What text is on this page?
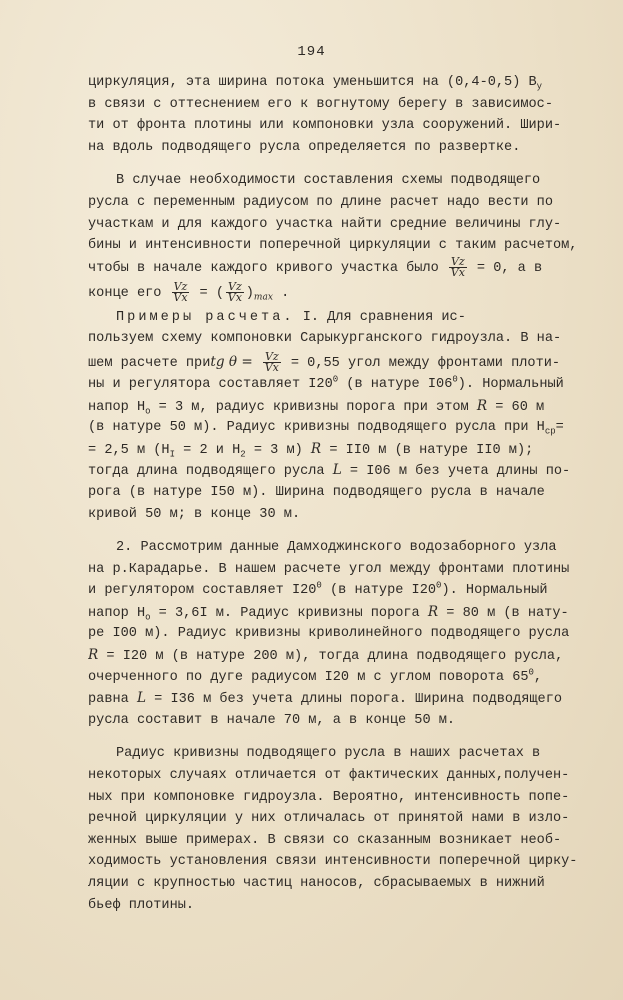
194
циркуляция, эта ширина потока уменьшится на (0,4-0,5) $В_у$
в связи с оттеснением его к вогнутому берегу в зависимос-
ти от фронта плотины или компоновки узла сооружений. Шири-
на вдоль подводящего русла определяется по развертке.
В случае необходимости составления схемы подводящего
русла с переменным радиусом по длине расчет надо вести по
участкам и для каждого участка найти средние величины глу-
бины и интенсивности поперечной циркуляции с таким расчетом,
чтобы в начале каждого кривого участка было $\frac{Vz}{Vx} = 0$, а в
конце его $\frac{Vz}{Vx}$ = ( $\frac{Vz}{Vx} )_{max}$ .
Примеры расчета. I. Для сравнения ис-
пользуем схему компоновки Сарыкурганского гидроузла. В на-
шем расчете приtg $\theta = \frac{Vz}{Vx} = 0,55$ угол между фронтами плоти-
ны и регулятора составляет $I20^0$ (в натуре $I06^0$). Нормальный
напор $Н_о = 3$ м, радиус кривизны порога при этом R = 60 м
(в натуре 50 м). Радиус кривизны подводящего русла при $Н_{ср}=$
= 2,5 м ($Н_I = 2$ и $Н_2 = 3$ м) R = II0 м (в натуре II0 м);
тогда длина подводящего русла L = I06 м без учета длины по-
рога (в натуре I50 м). Ширина подводящего русла в начале
кривой 50 м; в конце 30 м.
2. Рассмотрим данные Дамходжинского водозаборного узла
на р.Карадарье. В нашем расчете угол между фронтами плотины
и регулятором составляет $I20^0$ (в натуре $I20^0$). Нормальный
напор $Н_о = 3,6I$ м. Радиус кривизны порога R = 80 м (в нату-
ре I00 м). Радиус кривизны криволинейного подводящего русла
R = I20 м (в натуре 200 м), тогда длина подводящего русла,
очерченного по дуге радиусом I20 м с углом поворота $65^0$,
равна L = I36 м без учета длины порога. Ширина подводящего
русла составит в начале 70 м, а в конце 50 м.
Радиус кривизны подводящего русла в наших расчетах в
некоторых случаях отличается от фактических данных,получен-
ных при компоновке гидроузла. Вероятно, интенсивность попе-
речной циркуляции у них отличалась от принятой нами в изло-
женных выше примерах. В связи со сказанным возникает необ-
ходимость установления связи интенсивности поперечной цирку-
ляции с крупностью частиц наносов, сбрасываемых в нижний
бьеф плотины.
